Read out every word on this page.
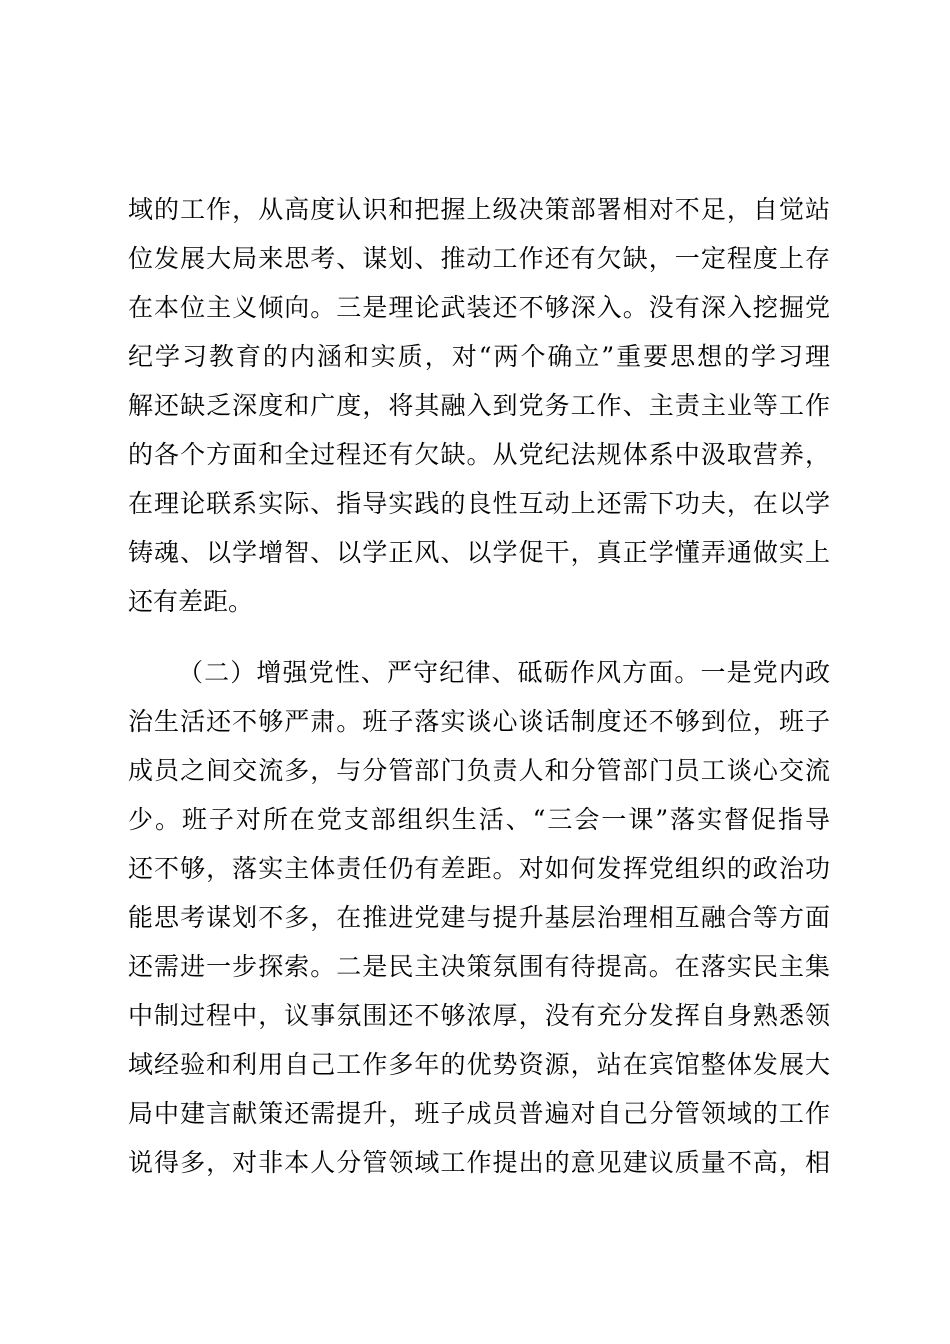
域的工作，从高度认识和把握上级决策部署相对不足，自觉站
位发展大局来思考、谋划、推动工作还有欠缺，一定程度上存
在本位主义倾向。三是理论武装还不够深入。没有深入挖掘党
纪学习教育的内涵和实质，对“两个确立”重要思想的学习理
解还缺乏深度和广度，将其融入到党务工作、主责主业等工作
的各个方面和全过程还有欠缺。从党纪法规体系中汲取营养，
在理论联系实际、指导实践的良性互动上还需下功夫，在以学
铸魂、以学增智、以学正风、以学促干，真正学懂弄通做实上
还有差距。
（二）增强党性、严守纪律、砥砺作风方面。一是党内政
治生活还不够严肃。班子落实谈心谈话制度还不够到位，班子
成员之间交流多，与分管部门负责人和分管部门员工谈心交流
少。班子对所在党支部组织生活、“三会一课”落实督促指导
还不够，落实主体责任仍有差距。对如何发挥党组织的政治功
能思考谋划不多，在推进党建与提升基层治理相互融合等方面
还需进一步探索。二是民主决策氛围有待提高。在落实民主集
中制过程中，议事氛围还不够浓厚，没有充分发挥自身熟悉领
域经验和利用自己工作多年的优势资源，站在宾馆整体发展大
局中建言献策还需提升，班子成员普遍对自己分管领域的工作
说得多，对非本人分管领域工作提出的意见建议质量不高，相
